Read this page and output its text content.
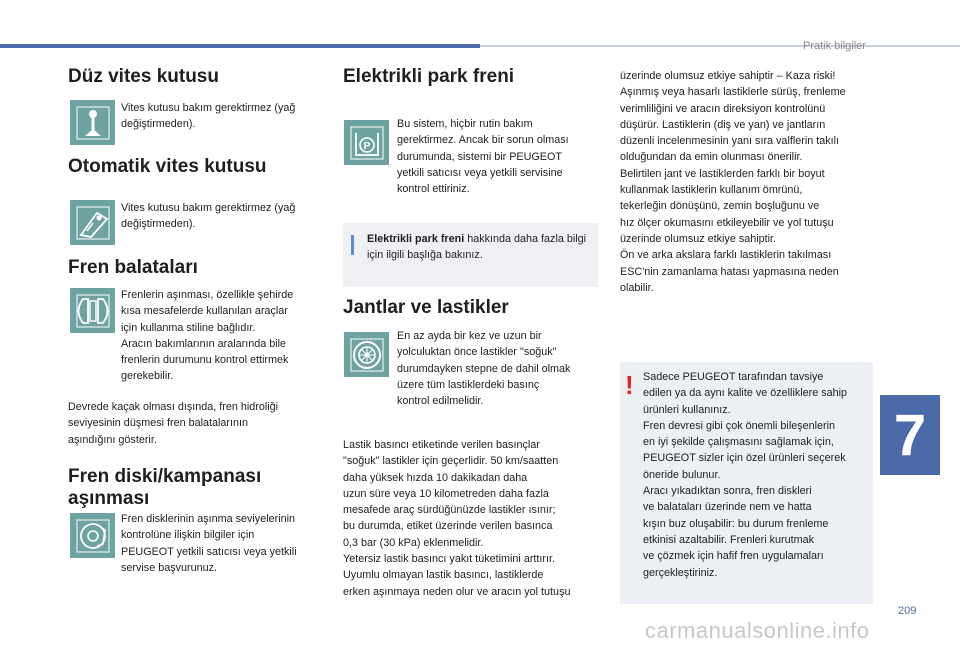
Pratik bilgiler
209
7
Düz vites kutusu
Vites kutusu bakım gerektirmez (yağ
değiştirmeden).
Otomatik vites kutusu
Vites kutusu bakım gerektirmez (yağ
değiştirmeden).
Fren balataları
Frenlerin aşınması, özellikle şehirde
kısa mesafelerde kullanılan araçlar
için kullanma stiline bağlıdır.
Aracın bakımlarının aralarında bile
frenlerin durumunu kontrol ettirmek
gerekebilir.
Devrede kaçak olması dışında, fren hidroliği
seviyesinin düşmesi fren balatalarının
aşındığını gösterir.
Fren diski/kampanası
aşınması
Fren disklerinin aşınma seviyelerinin
kontrolüne ilişkin bilgiler için
PEUGEOT yetkili satıcısı veya yetkili
servise başvurunuz.
Elektrikli park freni
P
Bu sistem, hiçbir rutin bakım
gerektirmez. Ancak bir sorun olması
durumunda, sistemi bir PEUGEOT
yetkili satıcısı veya yetkili servisine
kontrol ettiriniz.
Elektrikli park freni hakkında daha fazla bilgi için ilgili başlığa bakınız.
Jantlar ve lastikler
En az ayda bir kez ve uzun bir
yolculuktan önce lastikler "soğuk"
durumdayken stepne de dahil olmak
üzere tüm lastiklerdeki basınç
kontrol edilmelidir.
Lastik basıncı etiketinde verilen basınçlar
"soğuk" lastikler için geçerlidir. 50 km/saatten
daha yüksek hızda 10 dakikadan daha
uzun süre veya 10 kilometreden daha fazla
mesafede araç sürdüğünüzde lastikler ısınır;
bu durumda, etiket üzerinde verilen basınca
0,3 bar (30 kPa) eklenmelidir.
Yetersiz lastik basıncı yakıt tüketimini arttırır.
Uyumlu olmayan lastik basıncı, lastiklerde
erken aşınmaya neden olur ve aracın yol tutuşu
üzerinde olumsuz etkiye sahiptir – Kaza riski!
Aşınmış veya hasarlı lastiklerle sürüş, frenleme
verimliliğini ve aracın direksiyon kontrolünü
düşürür. Lastiklerin (diş ve yan) ve jantların
düzenli incelenmesinin yanı sıra valflerin takılı
olduğundan da emin olunması önerilir.
Belirtilen jant ve lastiklerden farklı bir boyut
kullanmak lastiklerin kullanım ömrünü,
tekerleğin dönüşünü, zemin boşluğunu ve
hız ölçer okumasını etkileyebilir ve yol tutuşu
üzerinde olumsuz etkiye sahiptir.
Ön ve arka akslara farklı lastiklerin takılması
ESC'nin zamanlama hatası yapmasına neden
olabilir.
! Sadece PEUGEOT tarafından tavsiye
edilen ya da aynı kalite ve özelliklere sahip
ürünleri kullanınız.
Fren devresi gibi çok önemli bileşenlerin
en iyi şekilde çalışmasını sağlamak için,
PEUGEOT sizler için özel ürünleri seçerek
öneride bulunur.
Aracı yıkadıktan sonra, fren diskleri
ve balataları üzerinde nem ve hatta
kışın buz oluşabilir: bu durum frenleme
etkinisi azaltabilir. Frenleri kurutmak
ve çözmek için hafif fren uygulamaları
gerçekleştiriniz.
carmanualsonline.info
